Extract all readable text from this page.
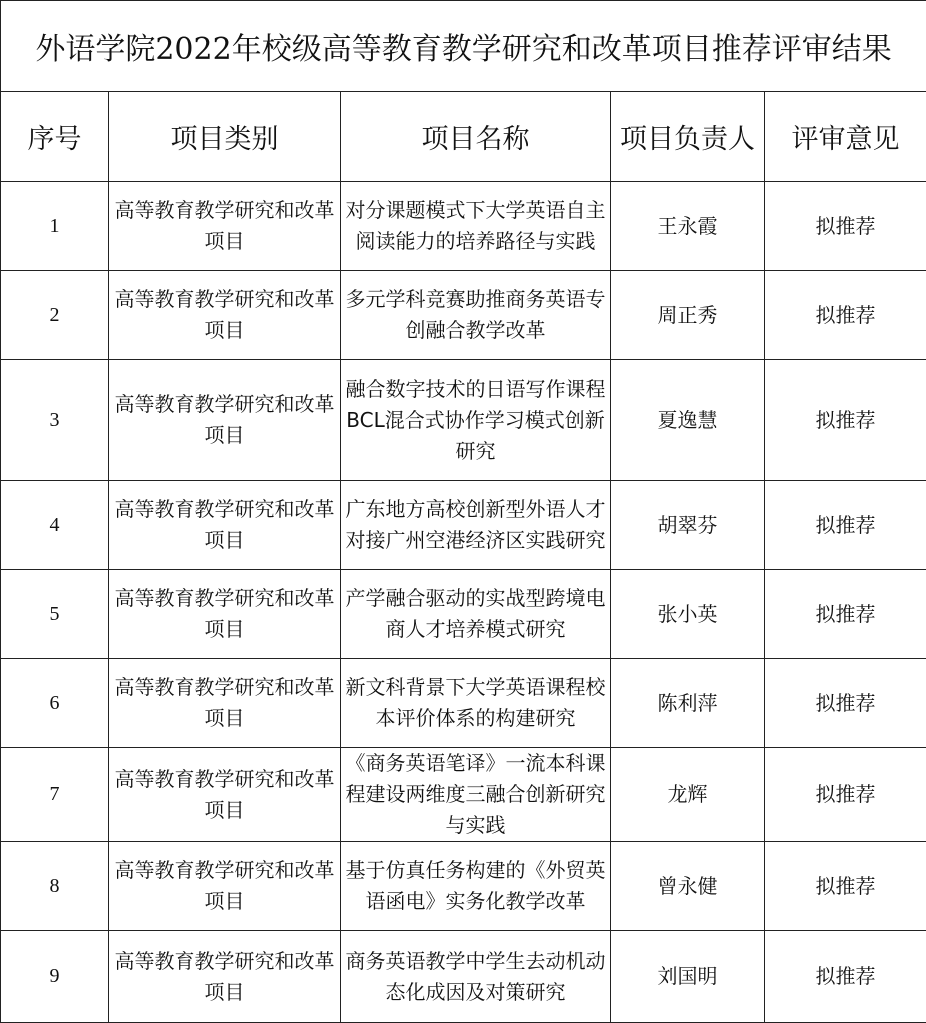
外语学院2022年校级高等教育教学研究和改革项目推荐评审结果				
序号	项目类别	项目名称	项目负责人	评审意见
1	高等教育教学研究和改革项目	对分课题模式下大学英语自主阅读能力的培养路径与实践	王永霞	拟推荐
2	高等教育教学研究和改革项目	多元学科竞赛助推商务英语专创融合教学改革	周正秀	拟推荐
3	高等教育教学研究和改革项目	融合数字技术的日语写作课程BCL混合式协作学习模式创新研究	夏逸慧	拟推荐
4	高等教育教学研究和改革项目	广东地方高校创新型外语人才对接广州空港经济区实践研究	胡翠芬	拟推荐
5	高等教育教学研究和改革项目	产学融合驱动的实战型跨境电商人才培养模式研究	张小英	拟推荐
6	高等教育教学研究和改革项目	新文科背景下大学英语课程校本评价体系的构建研究	陈利萍	拟推荐
7	高等教育教学研究和改革项目	《商务英语笔译》一流本科课程建设两维度三融合创新研究与实践	龙辉	拟推荐
8	高等教育教学研究和改革项目	基于仿真任务构建的《外贸英语函电》实务化教学改革	曾永健	拟推荐
9	高等教育教学研究和改革项目	商务英语教学中学生去动机动态化成因及对策研究	刘国明	拟推荐
